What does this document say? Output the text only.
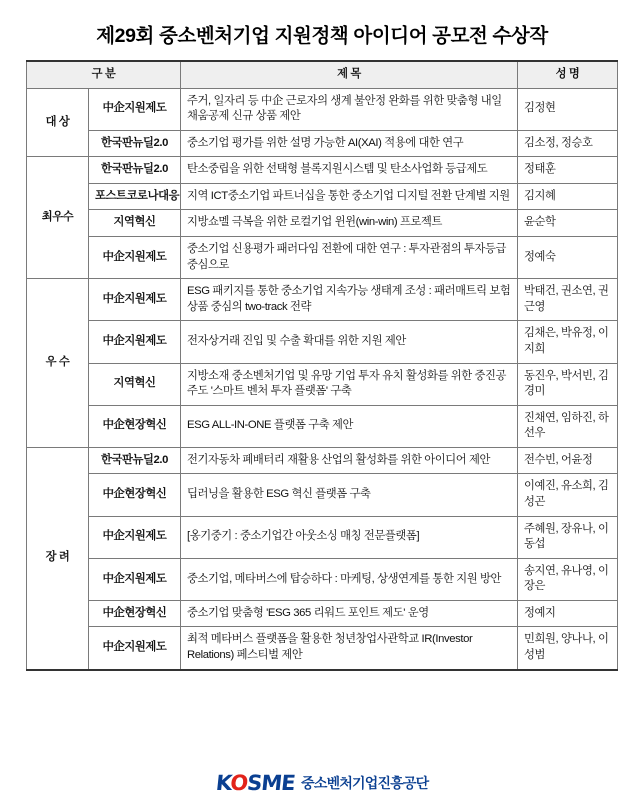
제29회 중소벤처기업 지원정책 아이디어 공모전 수상작
구 분		제 목	성 명
대 상	中企지원제도	주거, 일자리 등 中企 근로자의 생계 불안정 완화를 위한 맞춤형 내일채움공제 신규 상품 제안	김정현
	한국판뉴딜2.0	중소기업 평가를 위한 설명 가능한 AI(XAI) 적용에 대한 연구	김소정, 정승호
최우수	한국판뉴딜2.0	탄소중립을 위한 선택형 블록지원시스템 및 탄소사업화 등급제도	정태훈
	포스트코로나대응	지역 ICT중소기업 파트너십을 통한 중소기업 디지털 전환 단계별 지원	김지혜
	지역혁신	지방쇼멜 극복을 위한 로컬기업 윈윈(win-win) 프로젝트	윤순학
	中企지원제도	중소기업 신용평가 패러다임 전환에 대한 연구 : 투자관점의 투자등급 중심으로	정예숙
우 수	中企지원제도	ESG 패키지를 통한 중소기업 지속가능 생태계 조성 : 패러매트릭 보험상품 중심의 two-track 전략	박태건, 권소연, 권근영
	中企지원제도	전자상거래 진입 및 수출 확대를 위한 지원 제안	김채은, 박유정, 이지희
	지역혁신	지방소재 중소벤처기업 및 유망 기업 투자 유치 활성화를 위한 중진공 주도 '스마트 벤처 투자 플랫폼' 구축	동진우, 박서빈, 김경미
	中企현장혁신	ESG ALL-IN-ONE 플랫폼 구축 제안	진채연, 임하진, 하선우
장 려	한국판뉴딜2.0	전기자동차 폐배터리 재활용 산업의 활성화를 위한 아이디어 제안	전수빈, 어윤정
	中企현장혁신	딥러닝을 활용한 ESG 혁신 플랫폼 구축	이예진, 유소희, 김성곤
	中企지원제도	[옹기중기 : 중소기업간 아웃소싱 매칭 전문플랫폼]	주혜원, 장유나, 이동섭
	中企지원제도	중소기업, 메타버스에 탑승하다 : 마케팅, 상생연계를 통한 지원 방안	송지연, 유나영, 이장은
	中企현장혁신	중소기업 맞춤형 'ESG 365 리워드 포인트 제도' 운영	정예지
	中企지원제도	최적 메타버스 플랫폼을 활용한 청년창업사관학교 IR(Investor Relations) 페스티벌 제안	민희원, 양나나, 이성범
KOSME 중소벤처기업진흥공단
